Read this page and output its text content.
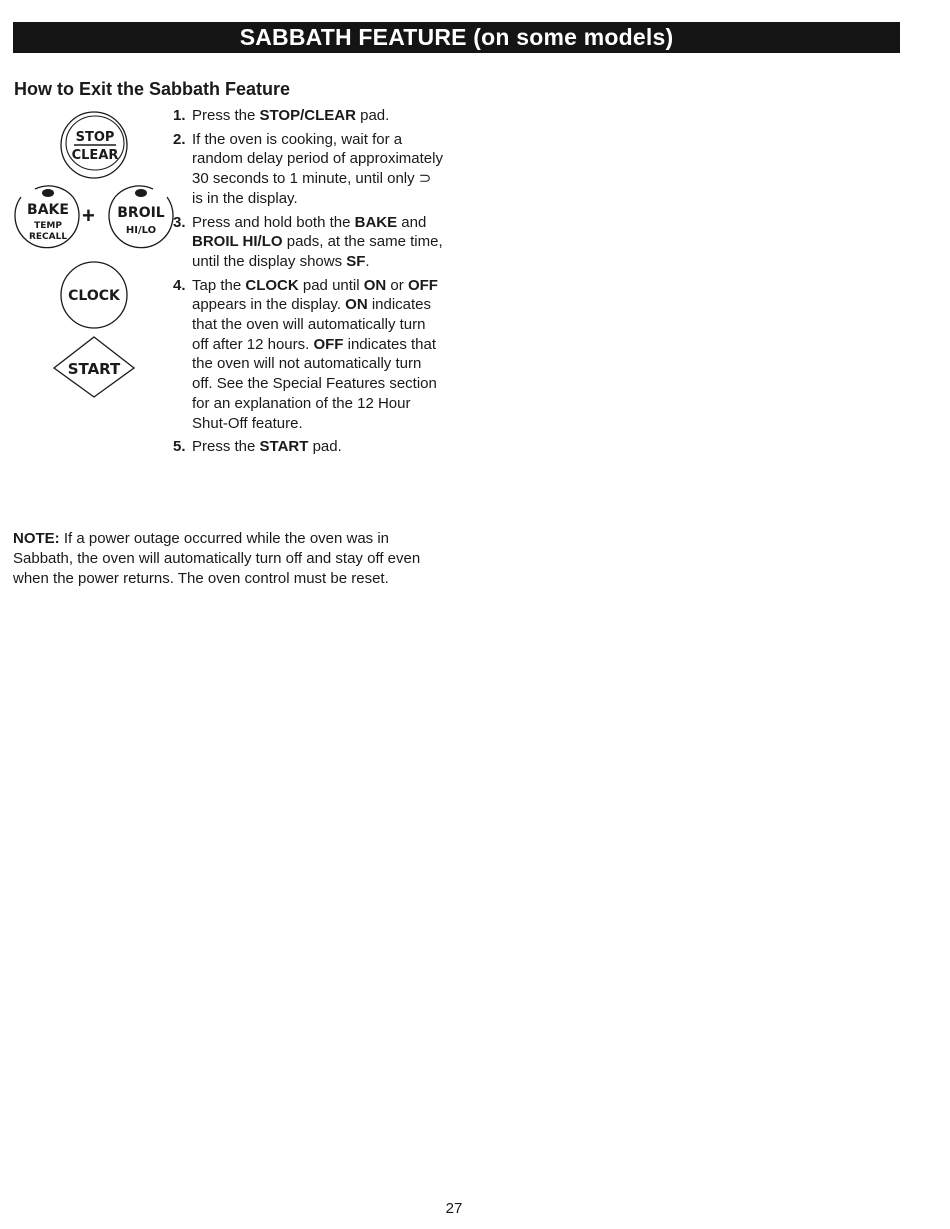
SABBATH FEATURE (on some models)
How to Exit the Sabbath Feature
STOP
CLEAR
BAKE
TEMP
RECALL
+ BROIL
HI/LO
CLOCK
START
1. Press the STOP/CLEAR pad.
2. If the oven is cooking, wait for a random delay period of approximately 30 seconds to 1 minute, until only ⊃ is in the display.
3. Press and hold both the BAKE and BROIL HI/LO pads, at the same time, until the display shows SF.
4. Tap the CLOCK pad until ON or OFF appears in the display. ON indicates that the oven will automatically turn off after 12 hours. OFF indicates that the oven will not automatically turn off. See the Special Features section for an explanation of the 12 Hour Shut-Off feature.
5. Press the START pad.
NOTE: If a power outage occurred while the oven was in Sabbath, the oven will automatically turn off and stay off even when the power returns. The oven control must be reset.
27
